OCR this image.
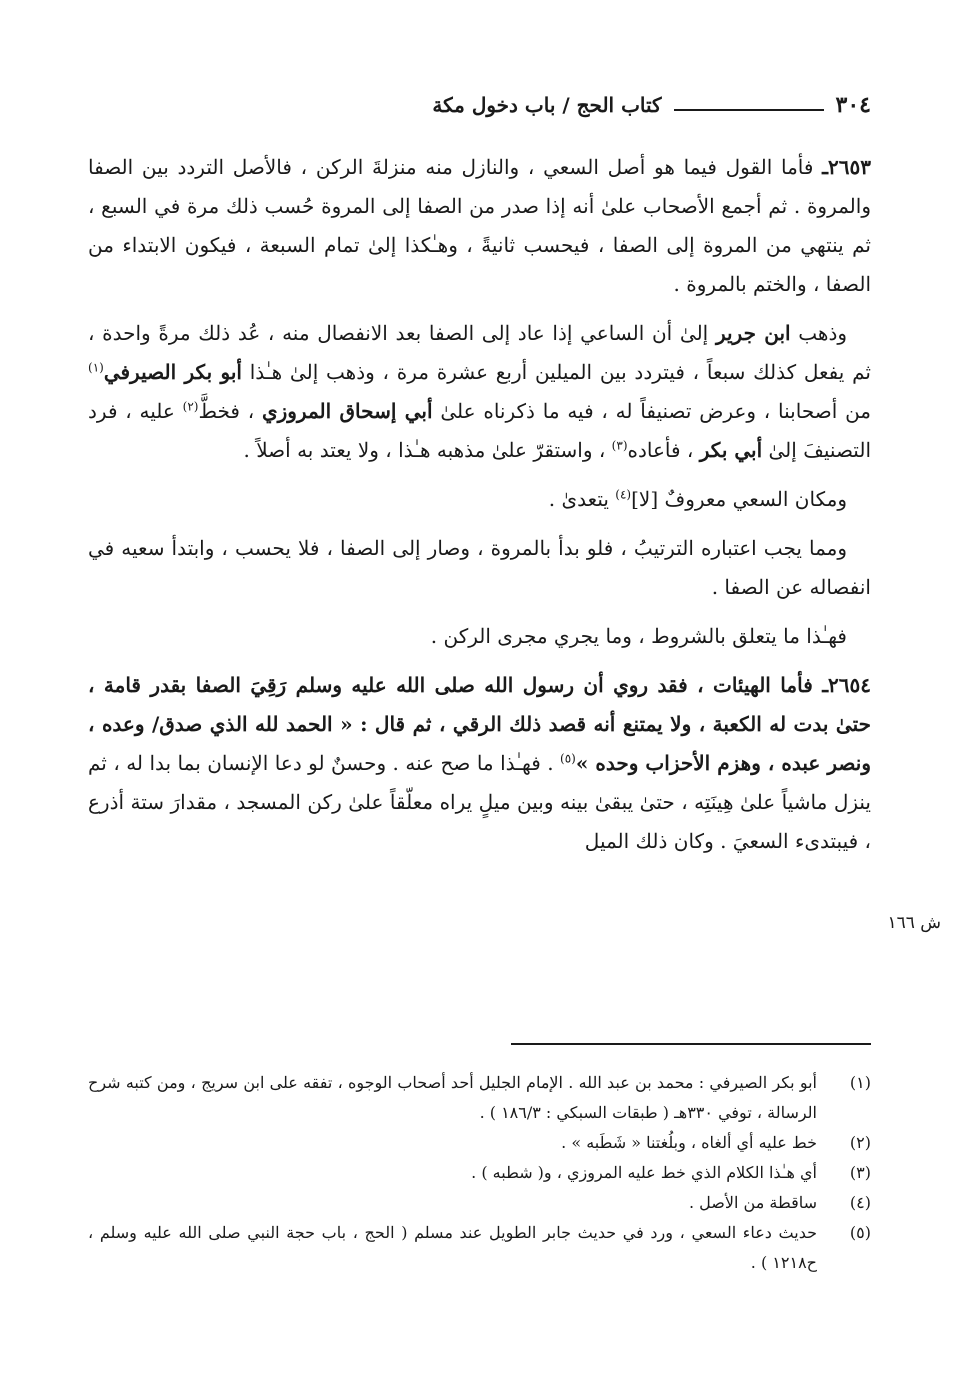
٣٠٤
كتاب الحج / باب دخول مكة

٢٦٥٣ـ فأما القول فيما هو أصل السعي ، والنازل منه منزلةَ الركن ، فالأصل التردد بين الصفا والمروة . ثم أجمع الأصحاب علىٰ أنه إذا صدر من الصفا إلى المروة حُسب ذلك مرة في السبع ، ثم ينتهي من المروة إلى الصفا ، فيحسب ثانيةً ، وهـٰكذا إلىٰ تمام السبعة ، فيكون الابتداء من الصفا ، والختم بالمروة .

وذهب ابن جرير إلىٰ أن الساعي إذا عاد إلى الصفا بعد الانفصال منه ، عُد ذلك مرةً واحدة ، ثم يفعل كذلك سبعاً ، فيتردد بين الميلين أربع عشرة مرة ، وذهب إلىٰ هـٰذا أبو بكر الصيرفي$^{(١)}$ من أصحابنا ، وعرض تصنيفاً له ، فيه ما ذكرناه علىٰ أبي إسحاق المروزي ، فخطَّ$^{(٢)}$ عليه ، فرد التصنيفَ إلىٰ أبي بكر ، فأعاده$^{(٣)}$ ، واستقرّ علىٰ مذهبه هـٰذا ، ولا يعتد به أصلاً .

ومكان السعي معروفٌ [لا]$^{(٤)}$ يتعدىٰ .

ومما يجب اعتباره الترتيبُ ، فلو بدأ بالمروة ، وصار إلى الصفا ، فلا يحسب ، وابتدأ سعيه في انفصاله عن الصفا .

فهـٰذا ما يتعلق بالشروط ، وما يجري مجرى الركن .

٢٦٥٤ـ فأما الهيئات ، فقد روي أن رسول الله صلى الله عليه وسلم رَقِيَ الصفا بقدر قامة ، حتىٰ بدت له الكعبة ، ولا يمتنع أنه قصد ذلك الرقي ، ثم قال : « الحمد لله الذي صدق/ وعده ، ونصر عبده ، وهزم الأحزاب وحده »$^{(٥)}$ . فهـٰذا ما صح عنه . وحسنٌ لو دعا الإنسان بما بدا له ، ثم ينزل ماشياً علىٰ هِينَتِه ، حتىٰ يبقىٰ بينه وبين ميلٍ يراه معلّقاً علىٰ ركن المسجد ، مقدارَ ستة أذرع ، فيبتدىء السعيَ . وكان ذلك الميل

ش ١٦٦

(١)
أبو بكر الصيرفي : محمد بن عبد الله . الإمام الجليل أحد أصحاب الوجوه ، تفقه على ابن سريج ، ومن كتبه شرح الرسالة ، توفي ٣٣٠هـ ( طبقات السبكي : ١٨٦/٣ ) .

(٢)
خط عليه أي ألغاه ، وبلُغتنا « شَطَبه » .

(٣)
أي هـٰذا الكلام الذي خط عليه المروزي ، و( شطبه ) .

(٤)
ساقطة من الأصل .

(٥)
حديث دعاء السعي ، ورد في حديث جابر الطويل عند مسلم ( الحج ، باب حجة النبي صلى الله عليه وسلم ، ح١٢١٨ ) .
